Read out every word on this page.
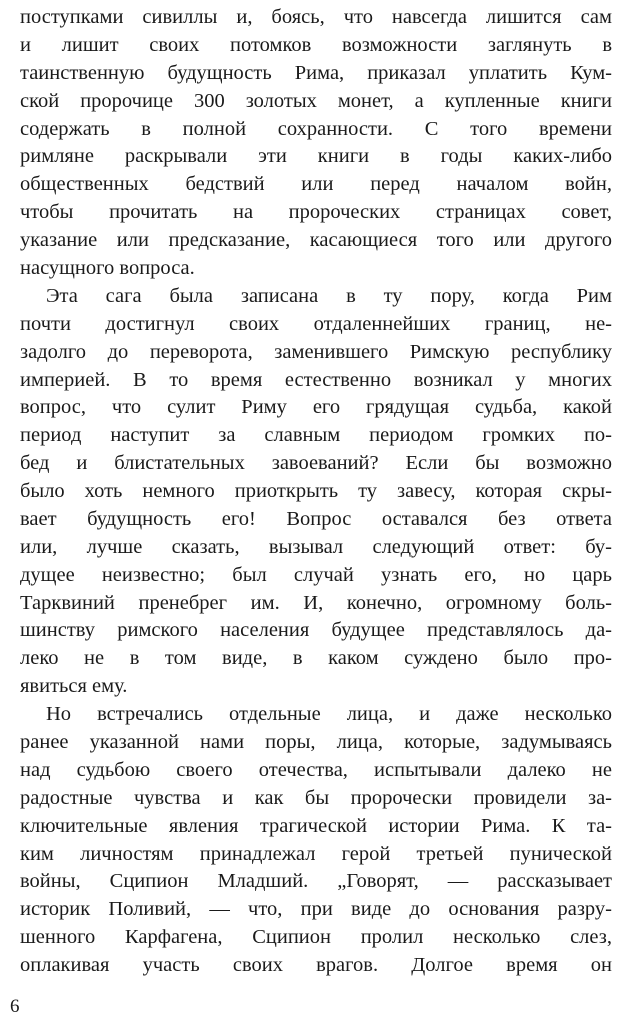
поступками сивиллы и, боясь, что навсегда лишится сам
и лишит своих потомков возможности заглянуть в
таинственную будущность Рима, приказал уплатить Кум-
ской пророчице 300 золотых монет, а купленные книги
содержать в полной сохранности. С того времени
римляне раскрывали эти книги в годы каких-либо
общественных бедствий или перед началом войн,
чтобы прочитать на пророческих страницах совет,
указание или предсказание, касающиеся того или другого
насущного вопроса.
Эта сага была записана в ту пору, когда Рим
почти достигнул своих отдаленнейших границ, не-
задолго до переворота, заменившего Римскую республику
империей. В то время естественно возникал у многих
вопрос, что сулит Риму его грядущая судьба, какой
период наступит за славным периодом громких по-
бед и блистательных завоеваний? Если бы возможно
было хоть немного приоткрыть ту завесу, которая скры-
вает будущность его! Вопрос оставался без ответа
или, лучше сказать, вызывал следующий ответ: бу-
дущее неизвестно; был случай узнать его, но царь
Тарквиний пренебрег им. И, конечно, огромному боль-
шинству римского населения будущее представлялось да-
леко не в том виде, в каком суждено было про-
явиться ему.
Но встречались отдельные лица, и даже несколько
ранее указанной нами поры, лица, которые, задумываясь
над судьбою своего отечества, испытывали далеко не
радостные чувства и как бы пророчески провидели за-
ключительные явления трагической истории Рима. К та-
ким личностям принадлежал герой третьей пунической
войны, Сципион Младший. „Говорят, — рассказывает
историк Поливий, — что, при виде до основания разру-
6
шенного Карфагена, Сципион пролил несколько слез,
оплакивая участь своих врагов. Долгое время он
